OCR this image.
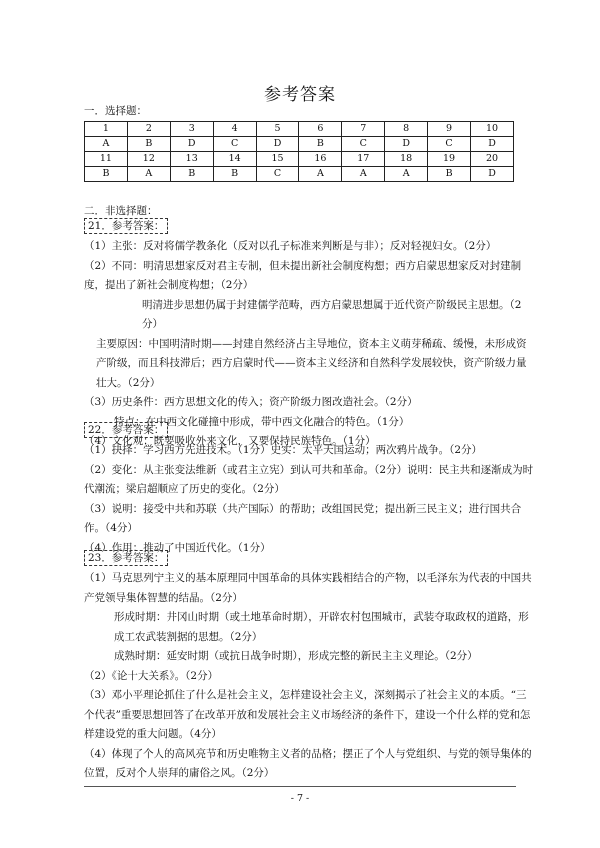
参考答案
一．选择题：
1	2	3	4	5	6	7	8	9	10
A	B	D	C	D	B	C	D	C	D
11	12	13	14	15	16	17	18	19	20
B	A	B	B	C	A	A	A	B	D
二．非选择题：
21．参考答案：

（1）主张：反对将儒学教条化（反对以孔子标准来判断是与非）；反对轻视妇女。（2分）

（2）不同：明清思想家反对君主专制，但未提出新社会制度构想；西方启蒙思想家反对封建制度，提出了新社会制度构想；（2分）

明清进步思想仍属于封建儒学范畴，西方启蒙思想属于近代资产阶级民主思想。（2分）

主要原因：中国明清时期——封建自然经济占主导地位，资本主义萌芽稀疏、缓慢，未形成资产阶级，而且科技滞后；西方启蒙时代——资本主义经济和自然科学发展较快，资产阶级力量壮大。（2分）

（3）历史条件：西方思想文化的传入；资产阶级力图改造社会。（2分）

特点：在中西文化碰撞中形成，带中西文化融合的特色。（1分）

（4）文化观：既要吸收外来文化，又要保持民族特色。（1分）

22．参考答案：

（1）抉择：学习西方先进技术。（1分）史实：太平天国运动；两次鸦片战争。（2分）

（2）变化：从主张变法维新（或君主立宪）到认可共和革命。（2分）说明：民主共和逐渐成为时代潮流；梁启超顺应了历史的变化。（2分）

（3）说明：接受中共和苏联（共产国际）的帮助；改组国民党；提出新三民主义；进行国共合作。（4分）

（4）作用：推动了中国近代化。（1分）

23．参考答案：

（1）马克思列宁主义的基本原理同中国革命的具体实践相结合的产物，以毛泽东为代表的中国共产党领导集体智慧的结晶。（2分）

形成时期：井冈山时期（或土地革命时期），开辟农村包围城市，武装夺取政权的道路，形成工农武装割据的思想。（2分）

成熟时期：延安时期（或抗日战争时期），形成完整的新民主主义理论。（2分）

（2）《论十大关系》。（2分）

（3）邓小平理论抓住了什么是社会主义，怎样建设社会主义，深刻揭示了社会主义的本质。“三个代表”重要思想回答了在改革开放和发展社会主义市场经济的条件下，建设一个什么样的党和怎样建设党的重大问题。（4分）

（4）体现了个人的高风亮节和历史唯物主义者的品格；摆正了个人与党组织、与党的领导集体的位置，反对个人崇拜的庸俗之风。（2分）

- 7 -
